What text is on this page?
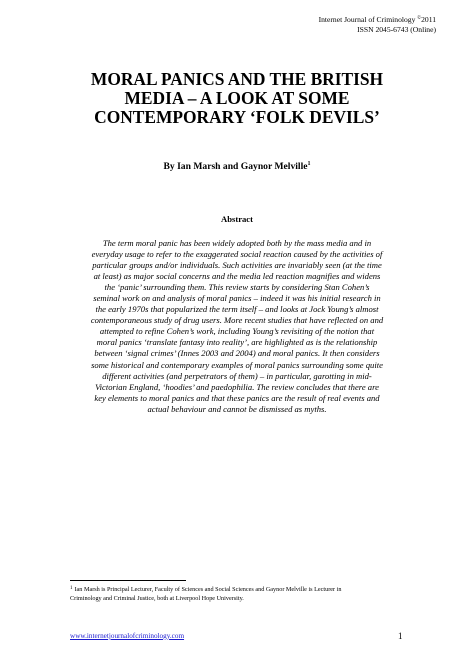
Internet Journal of Criminology ©2011
ISSN 2045-6743 (Online)
MORAL PANICS AND THE BRITISH
MEDIA – A LOOK AT SOME
CONTEMPORARY ‘FOLK DEVILS’
By Ian Marsh and Gaynor Melville$^1$
Abstract
The term moral panic has been widely adopted both by the mass media and in
everyday usage to refer to the exaggerated social reaction caused by the activities of
particular groups and/or individuals. Such activities are invariably seen (at the time
at least) as major social concerns and the media led reaction magnifies and widens
the ‘panic’ surrounding them. This review starts by considering Stan Cohen’s
seminal work on and analysis of moral panics – indeed it was his initial research in
the early 1970s that popularized the term itself – and looks at Jock Young’s almost
contemporaneous study of drug users. More recent studies that have reflected on and
attempted to refine Cohen’s work, including Young’s revisiting of the notion that
moral panics ‘translate fantasy into reality’, are highlighted as is the relationship
between ‘signal crimes’ (Innes 2003 and 2004) and moral panics. It then considers
some historical and contemporary examples of moral panics surrounding some quite
different activities (and perpetrators of them) – in particular, garotting in mid-
Victorian England, ‘hoodies’ and paedophilia. The review concludes that there are
key elements to moral panics and that these panics are the result of real events and
actual behaviour and cannot be dismissed as myths.
$^1$ Ian Marsh is Principal Lecturer, Faculty of Sciences and Social Sciences and Gaynor Melville is Lecturer in
Criminology and Criminal Justice, both at Liverpool Hope University.
www.internetjournalofcriminology.com	1
